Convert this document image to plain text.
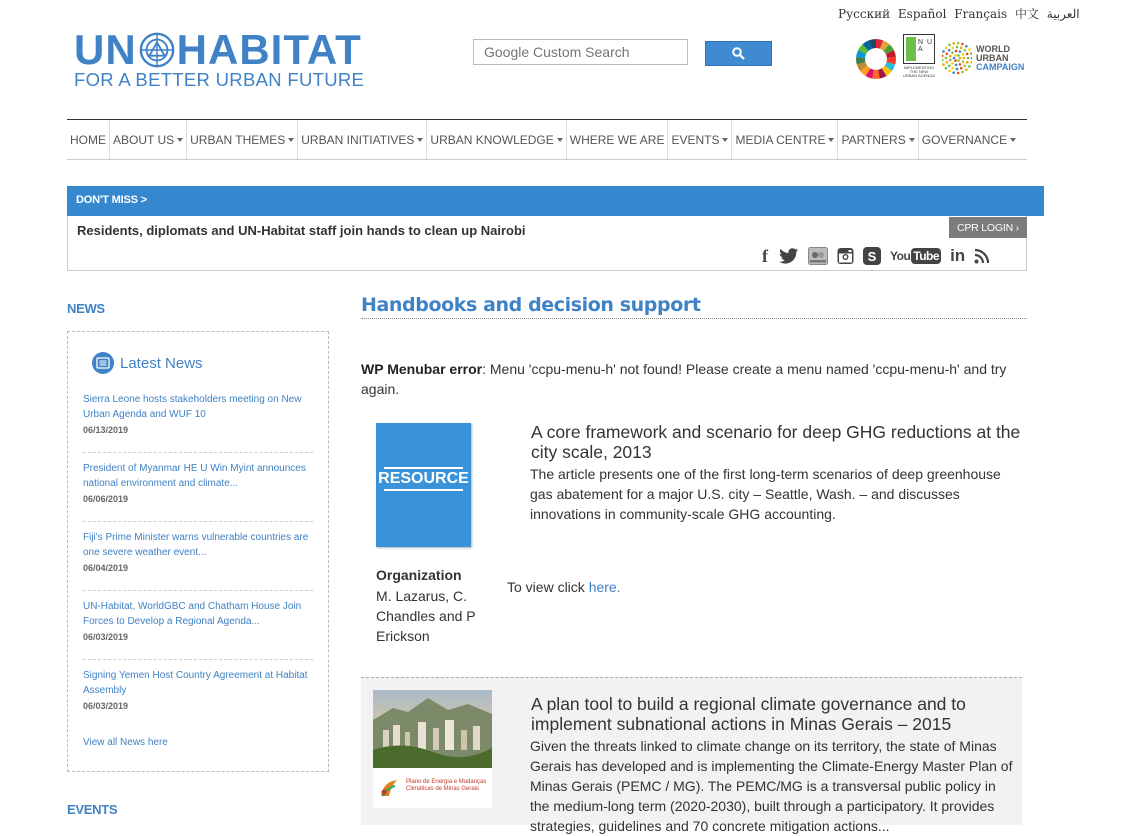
Русский Español Français 中文 العربية
UN HABITAT
FOR A BETTER URBAN FUTURE
Google Custom Search
N U A
IMPLEMENTING THE NEW URBAN AGENDA
WORLD
URBAN
CAMPAIGN
HOME ABOUT US URBAN THEMES URBAN INITIATIVES URBAN KNOWLEDGE WHERE WE ARE EVENTS MEDIA CENTRE PARTNERS GOVERNANCE
DON'T MISS >
Residents, diplomats and UN-Habitat staff join hands to clean up Nairobi	CPR LOGIN ›
f	S	You Tube in
NEWS
Latest News
Sierra Leone hosts stakeholders meeting on New Urban Agenda and WUF 10
06/13/2019
President of Myanmar HE U Win Myint announces national environment and climate...
06/06/2019
Fiji's Prime Minister warns vulnerable countries are one severe weather event...
06/04/2019
UN-Habitat, WorldGBC and Chatham House Join Forces to Develop a Regional Agenda...
06/03/2019
Signing Yemen Host Country Agreement at Habitat Assembly
06/03/2019
View all News here
EVENTS
Handbooks and decision support
WP Menubar error: Menu 'ccpu-menu-h' not found! Please create a menu named 'ccpu-menu-h' and try again.
RESOURCE
A core framework and scenario for deep GHG reductions at the city scale, 2013
The article presents one of the first long-term scenarios of deep greenhouse gas abatement for a major U.S. city – Seattle, Wash. – and discusses innovations in community-scale GHG accounting.
Organization
M. Lazarus, C. Chandles and P Erickson
To view click here.
Plano de Energia e Mudanças Climáticas de Minas Gerais
A plan tool to build a regional climate governance and to implement subnational actions in Minas Gerais – 2015
Given the threats linked to climate change on its territory, the state of Minas Gerais has developed and is implementing the Climate-Energy Master Plan of Minas Gerais (PEMC / MG). The PEMC/MG is a transversal public policy in the medium-long term (2020-2030), built through a participatory. It provides strategies, guidelines and 70 concrete mitigation actions...
